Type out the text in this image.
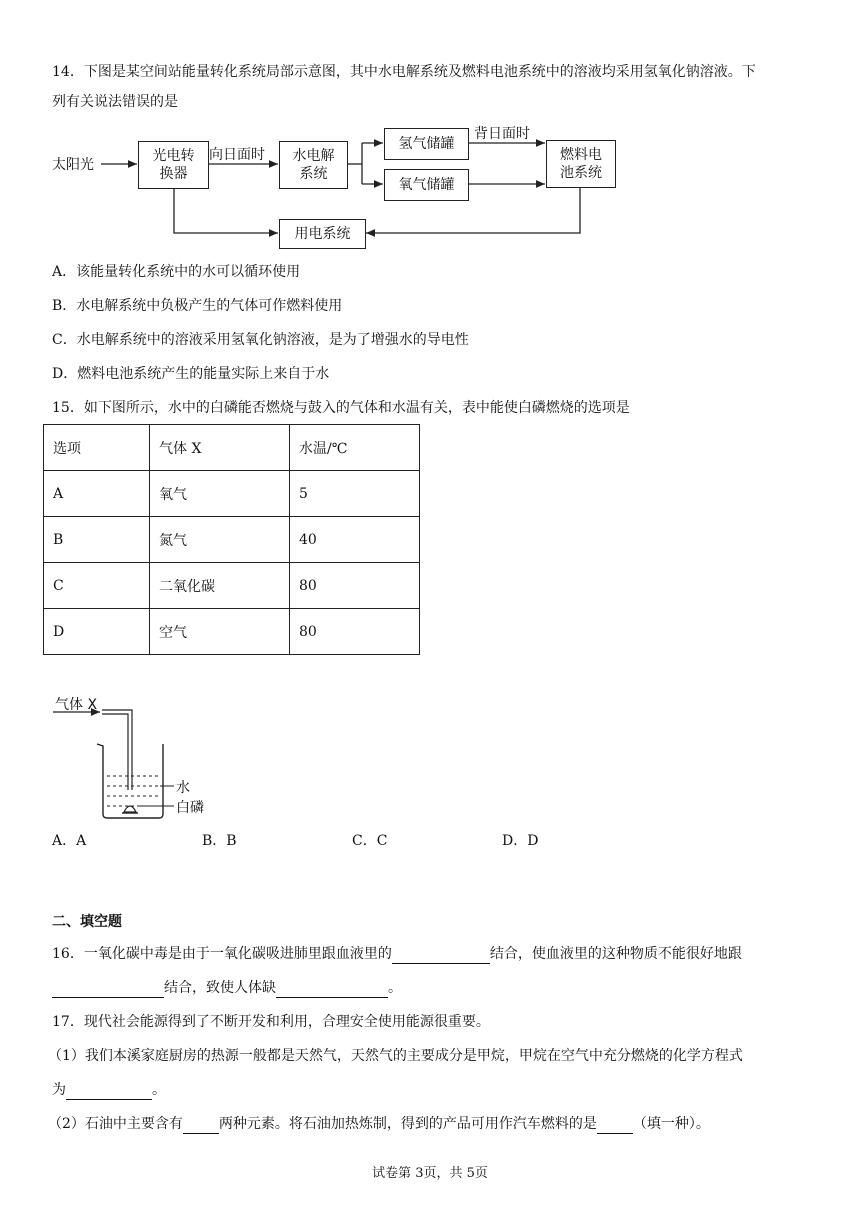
14．下图是某空间站能量转化系统局部示意图，其中水电解系统及燃料电池系统中的溶液均采用氢氧化钠溶液。下
列有关说法错误的是
太阳光
光电转
换器
向日面时 水电解
系统
氢气储罐
氧气储罐
背日面时
燃料电
池系统
用电系统
A．该能量转化系统中的水可以循环使用
B．水电解系统中负极产生的气体可作燃料使用
C．水电解系统中的溶液采用氢氧化钠溶液，是为了增强水的导电性
D．燃料电池系统产生的能量实际上来自于水
15．如下图所示，水中的白磷能否燃烧与鼓入的气体和水温有关，表中能使白磷燃烧的选项是
选项	气体 X	水温/℃
A	氧气	5
B	氮气	40
C	二氧化碳	80
D	空气	80
气体 X
水
白磷
A．A	B．B	C．C	D．D
二、填空题
16．一氧化碳中毒是由于一氧化碳吸进肺里跟血液里的	结合，使血液里的这种物质不能很好地跟
结合，致使人体缺	。
17．现代社会能源得到了不断开发和利用，合理安全使用能源很重要。
（1）我们本溪家庭厨房的热源一般都是天然气，天然气的主要成分是甲烷，甲烷在空气中充分燃烧的化学方程式
为	。
（2）石油中主要含有	两种元素。将石油加热炼制，得到的产品可用作汽车燃料的是	（填一种）。
试卷第 3页，共 5页
